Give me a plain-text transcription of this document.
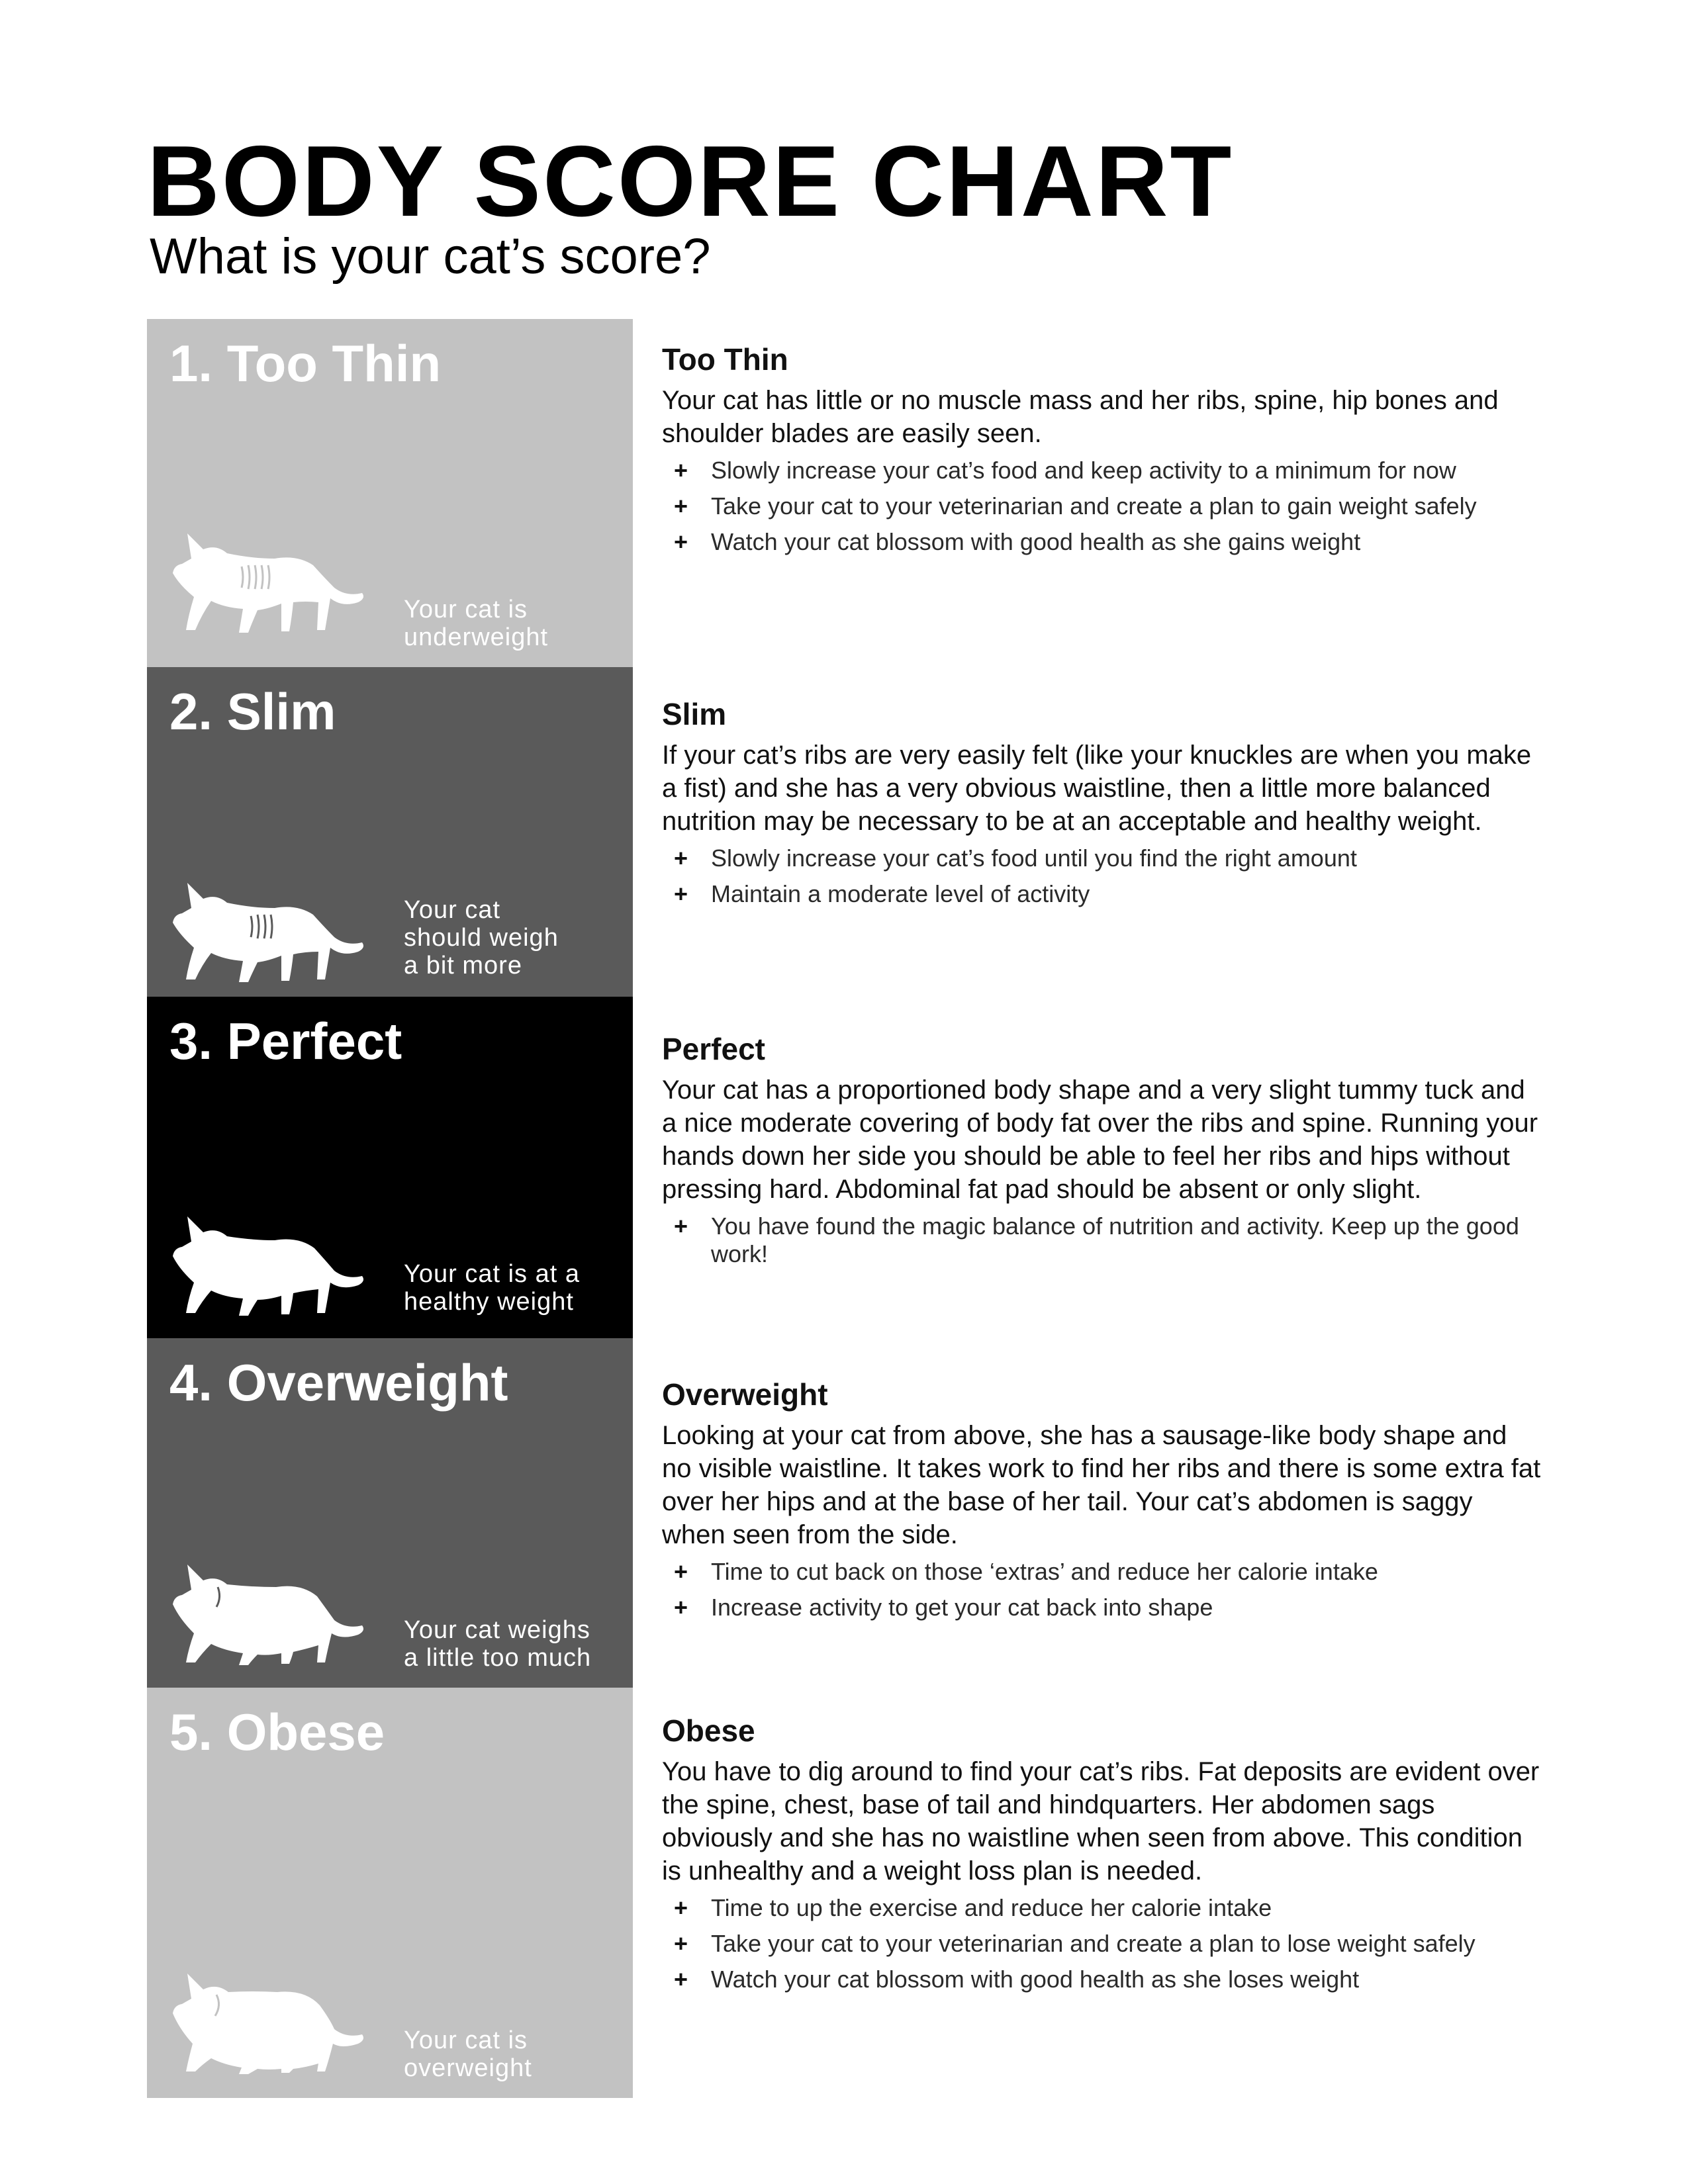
BODY SCORE CHART
What is your cat’s score?
1. Too Thin
Your cat is
underweight
Too Thin
Your cat has little or no muscle mass and her ribs, spine, hip bones and shoulder blades are easily seen.
+ Slowly increase your cat’s food and keep activity to a minimum for now
+ Take your cat to your veterinarian and create a plan to gain weight safely
+ Watch your cat blossom with good health as she gains weight
2. Slim
Your cat
should weigh
a bit more
Slim
If your cat’s ribs are very easily felt (like your knuckles are when you make a fist) and she has a very obvious waistline, then a little more balanced nutrition may be necessary to be at an acceptable and healthy weight.
+ Slowly increase your cat’s food until you find the right amount
+ Maintain a moderate level of activity
3. Perfect
Your cat is at a
healthy weight
Perfect
Your cat has a proportioned body shape and a very slight tummy tuck and a nice moderate covering of body fat over the ribs and spine. Running your hands down her side you should be able to feel her ribs and hips without pressing hard. Abdominal fat pad should be absent or only slight.
+ You have found the magic balance of nutrition and activity. Keep up the good work!
4. Overweight
Your cat weighs
a little too much
Overweight
Looking at your cat from above, she has a sausage-like body shape and no visible waistline. It takes work to find her ribs and there is some extra fat over her hips and at the base of her tail. Your cat’s abdomen is saggy when seen from the side.
+ Time to cut back on those ‘extras’ and reduce her calorie intake
+ Increase activity to get your cat back into shape
5. Obese
Your cat is
overweight
Obese
You have to dig around to find your cat’s ribs. Fat deposits are evident over the spine, chest, base of tail and hindquarters. Her abdomen sags obviously and she has no waistline when seen from above. This condition is unhealthy and a weight loss plan is needed.
+ Time to up the exercise and reduce her calorie intake
+ Take your cat to your veterinarian and create a plan to lose weight safely
+ Watch your cat blossom with good health as she loses weight
